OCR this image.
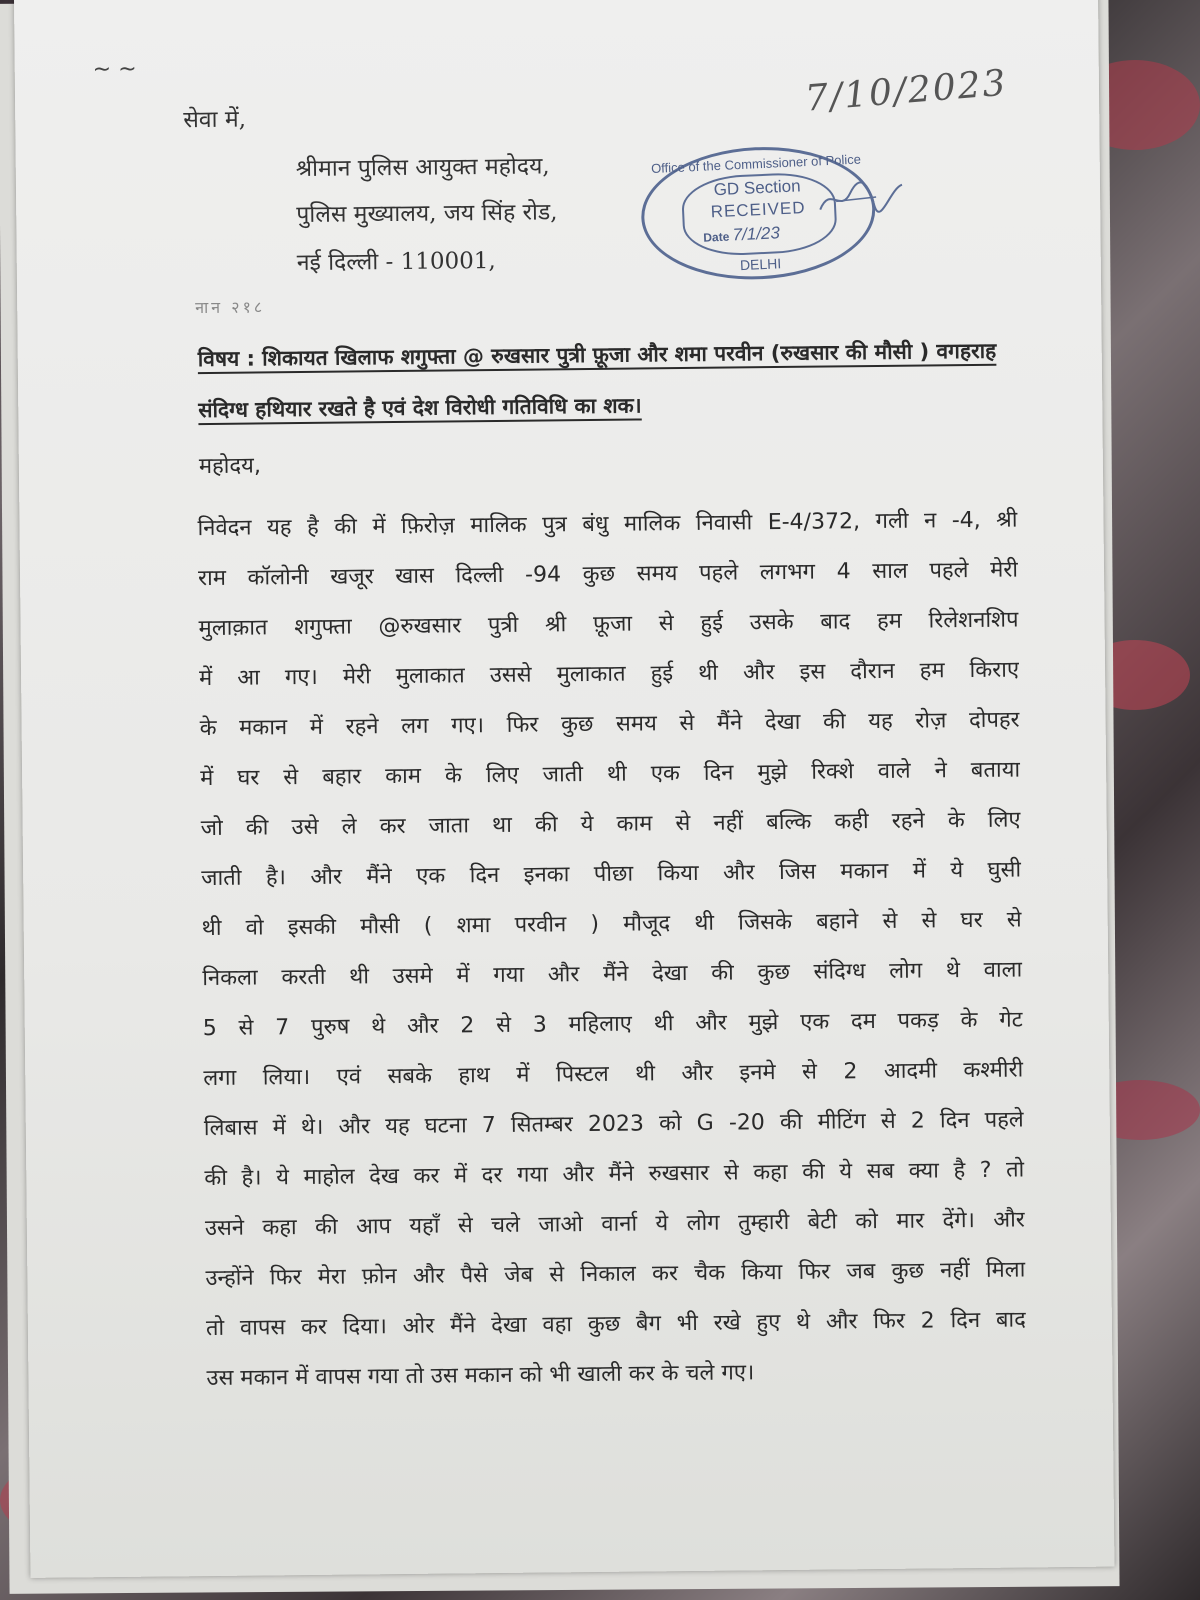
~ ~	7/10/2023
सेवा में,
श्रीमान पुलिस आयुक्त महोदय,
पुलिस मुख्यालय, जय सिंह रोड,
नई दिल्ली - 110001,
नान २१८
Office of the Commissioner of Police
GD Section
RECEIVED
Date 7/1/23
DELHI
विषय : शिकायत खिलाफ शगुफ्ता @ रुखसार पुत्री फ़ूजा और शमा परवीन (रुखसार की मौसी ) वगहराह संदिग्ध हथियार रखते है एवं देश विरोधी गतिविधि का शक।
महोदय,
निवेदन यह है की में फ़िरोज़ मालिक पुत्र बंधु मालिक निवासी E-4/372, गली न -4, श्री
राम कॉलोनी खजूर खास दिल्ली -94 कुछ समय पहले लगभग 4 साल पहले मेरी
मुलाक़ात शगुफ्ता @रुखसार पुत्री श्री फ़ूजा से हुई उसके बाद हम रिलेशनशिप
में आ गए। मेरी मुलाकात उससे मुलाकात हुई थी और इस दौरान हम किराए
के मकान में रहने लग गए। फिर कुछ समय से मैंने देखा की यह रोज़ दोपहर
में घर से बहार काम के लिए जाती थी एक दिन मुझे रिक्शे वाले ने बताया
जो की उसे ले कर जाता था की ये काम से नहीं बल्कि कही रहने के लिए
जाती है। और मैंने एक दिन इनका पीछा किया और जिस मकान में ये घुसी
थी वो इसकी मौसी ( शमा परवीन ) मौजूद थी जिसके बहाने से से घर से
निकला करती थी उसमे में गया और मैंने देखा की कुछ संदिग्ध लोग थे वाला
5 से 7 पुरुष थे और 2 से 3 महिलाए थी और मुझे एक दम पकड़ के गेट
लगा लिया। एवं सबके हाथ में पिस्टल थी और इनमे से 2 आदमी कश्मीरी
लिबास में थे। और यह घटना 7 सितम्बर 2023 को G -20 की मीटिंग से 2 दिन पहले
की है। ये माहोल देख कर में दर गया और मैंने रुखसार से कहा की ये सब क्या है ? तो
उसने कहा की आप यहाँ से चले जाओ वार्ना ये लोग तुम्हारी बेटी को मार देंगे। और
उन्होंने फिर मेरा फ़ोन और पैसे जेब से निकाल कर चैक किया फिर जब कुछ नहीं मिला
तो वापस कर दिया। ओर मैंने देखा वहा कुछ बैग भी रखे हुए थे और फिर 2 दिन बाद
उस मकान में वापस गया तो उस मकान को भी खाली कर के चले गए।
